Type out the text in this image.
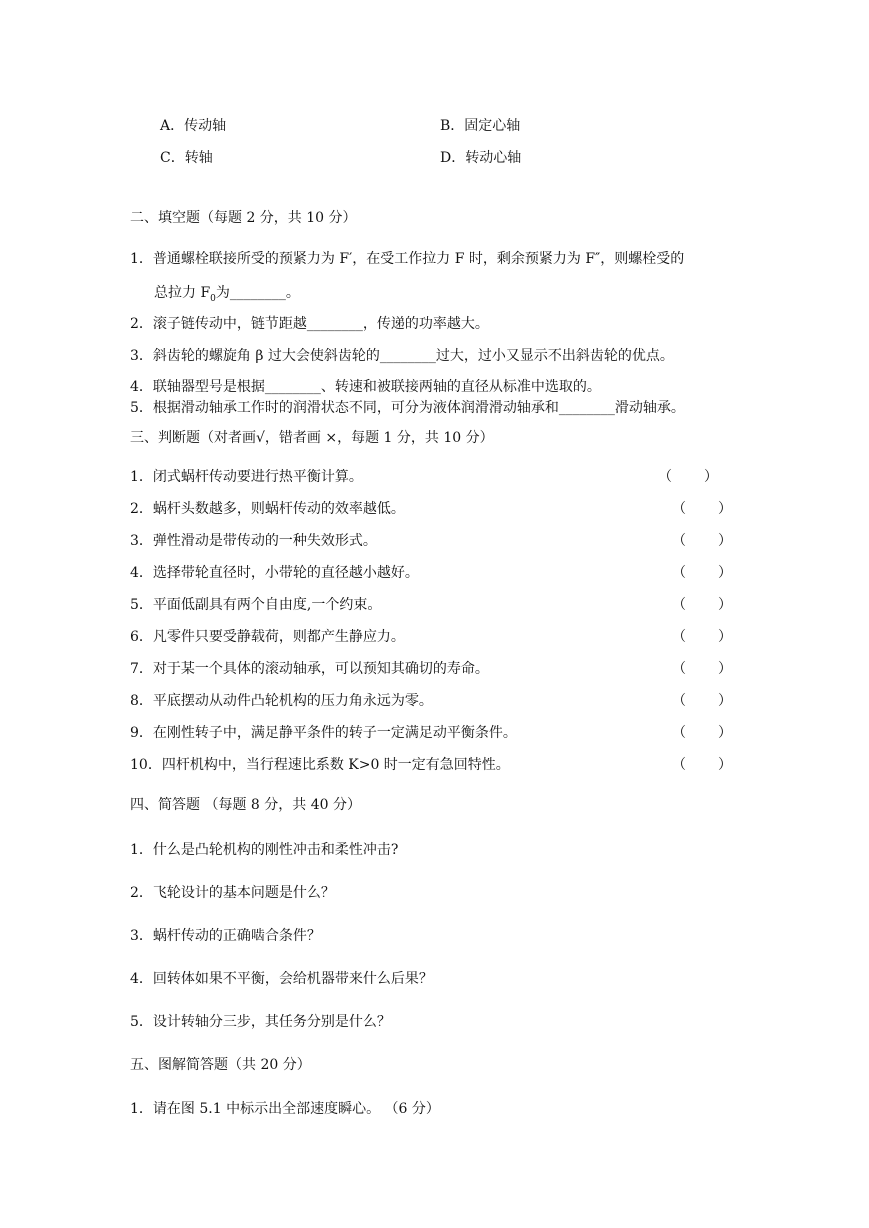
A．传动轴	B．固定心轴
C．转轴	D．转动心轴
二、填空题（每题 2 分，共 10 分）
1．普通螺栓联接所受的预紧力为 F′，在受工作拉力 F 时，剩余预紧力为 F″，则螺栓受的
总拉力 $F_0$为________。
2．滚子链传动中，链节距越________，传递的功率越大。
3．斜齿轮的螺旋角 β 过大会使斜齿轮的________过大，过小又显示不出斜齿轮的优点。
4．联轴器型号是根据________、转速和被联接两轴的直径从标准中选取的。
5．根据滑动轴承工作时的润滑状态不同，可分为液体润滑滑动轴承和________滑动轴承。
三、判断题（对者画√，错者画 ×，每题 1 分，共 10 分）
1．闭式蜗杆传动要进行热平衡计算。	（ ）
2．蜗杆头数越多，则蜗杆传动的效率越低。	（ ）
3．弹性滑动是带传动的一种失效形式。	（ ）
4．选择带轮直径时，小带轮的直径越小越好。	（ ）
5．平面低副具有两个自由度,一个约束。	（ ）
6．凡零件只要受静载荷，则都产生静应力。	（ ）
7．对于某一个具体的滚动轴承，可以预知其确切的寿命。	（ ）
8．平底摆动从动件凸轮机构的压力角永远为零。	（ ）
9．在刚性转子中，满足静平条件的转子一定满足动平衡条件。	（ ）
10．四杆机构中，当行程速比系数 K>0 时一定有急回特性。	（ ）
四、简答题 （每题 8 分，共 40 分）
1．什么是凸轮机构的刚性冲击和柔性冲击?
2．飞轮设计的基本问题是什么？
3．蜗杆传动的正确啮合条件？
4．回转体如果不平衡，会给机器带来什么后果？
5．设计转轴分三步，其任务分别是什么？
五、图解简答题（共 20 分）
1．请在图 5.1 中标示出全部速度瞬心。 （6 分）
